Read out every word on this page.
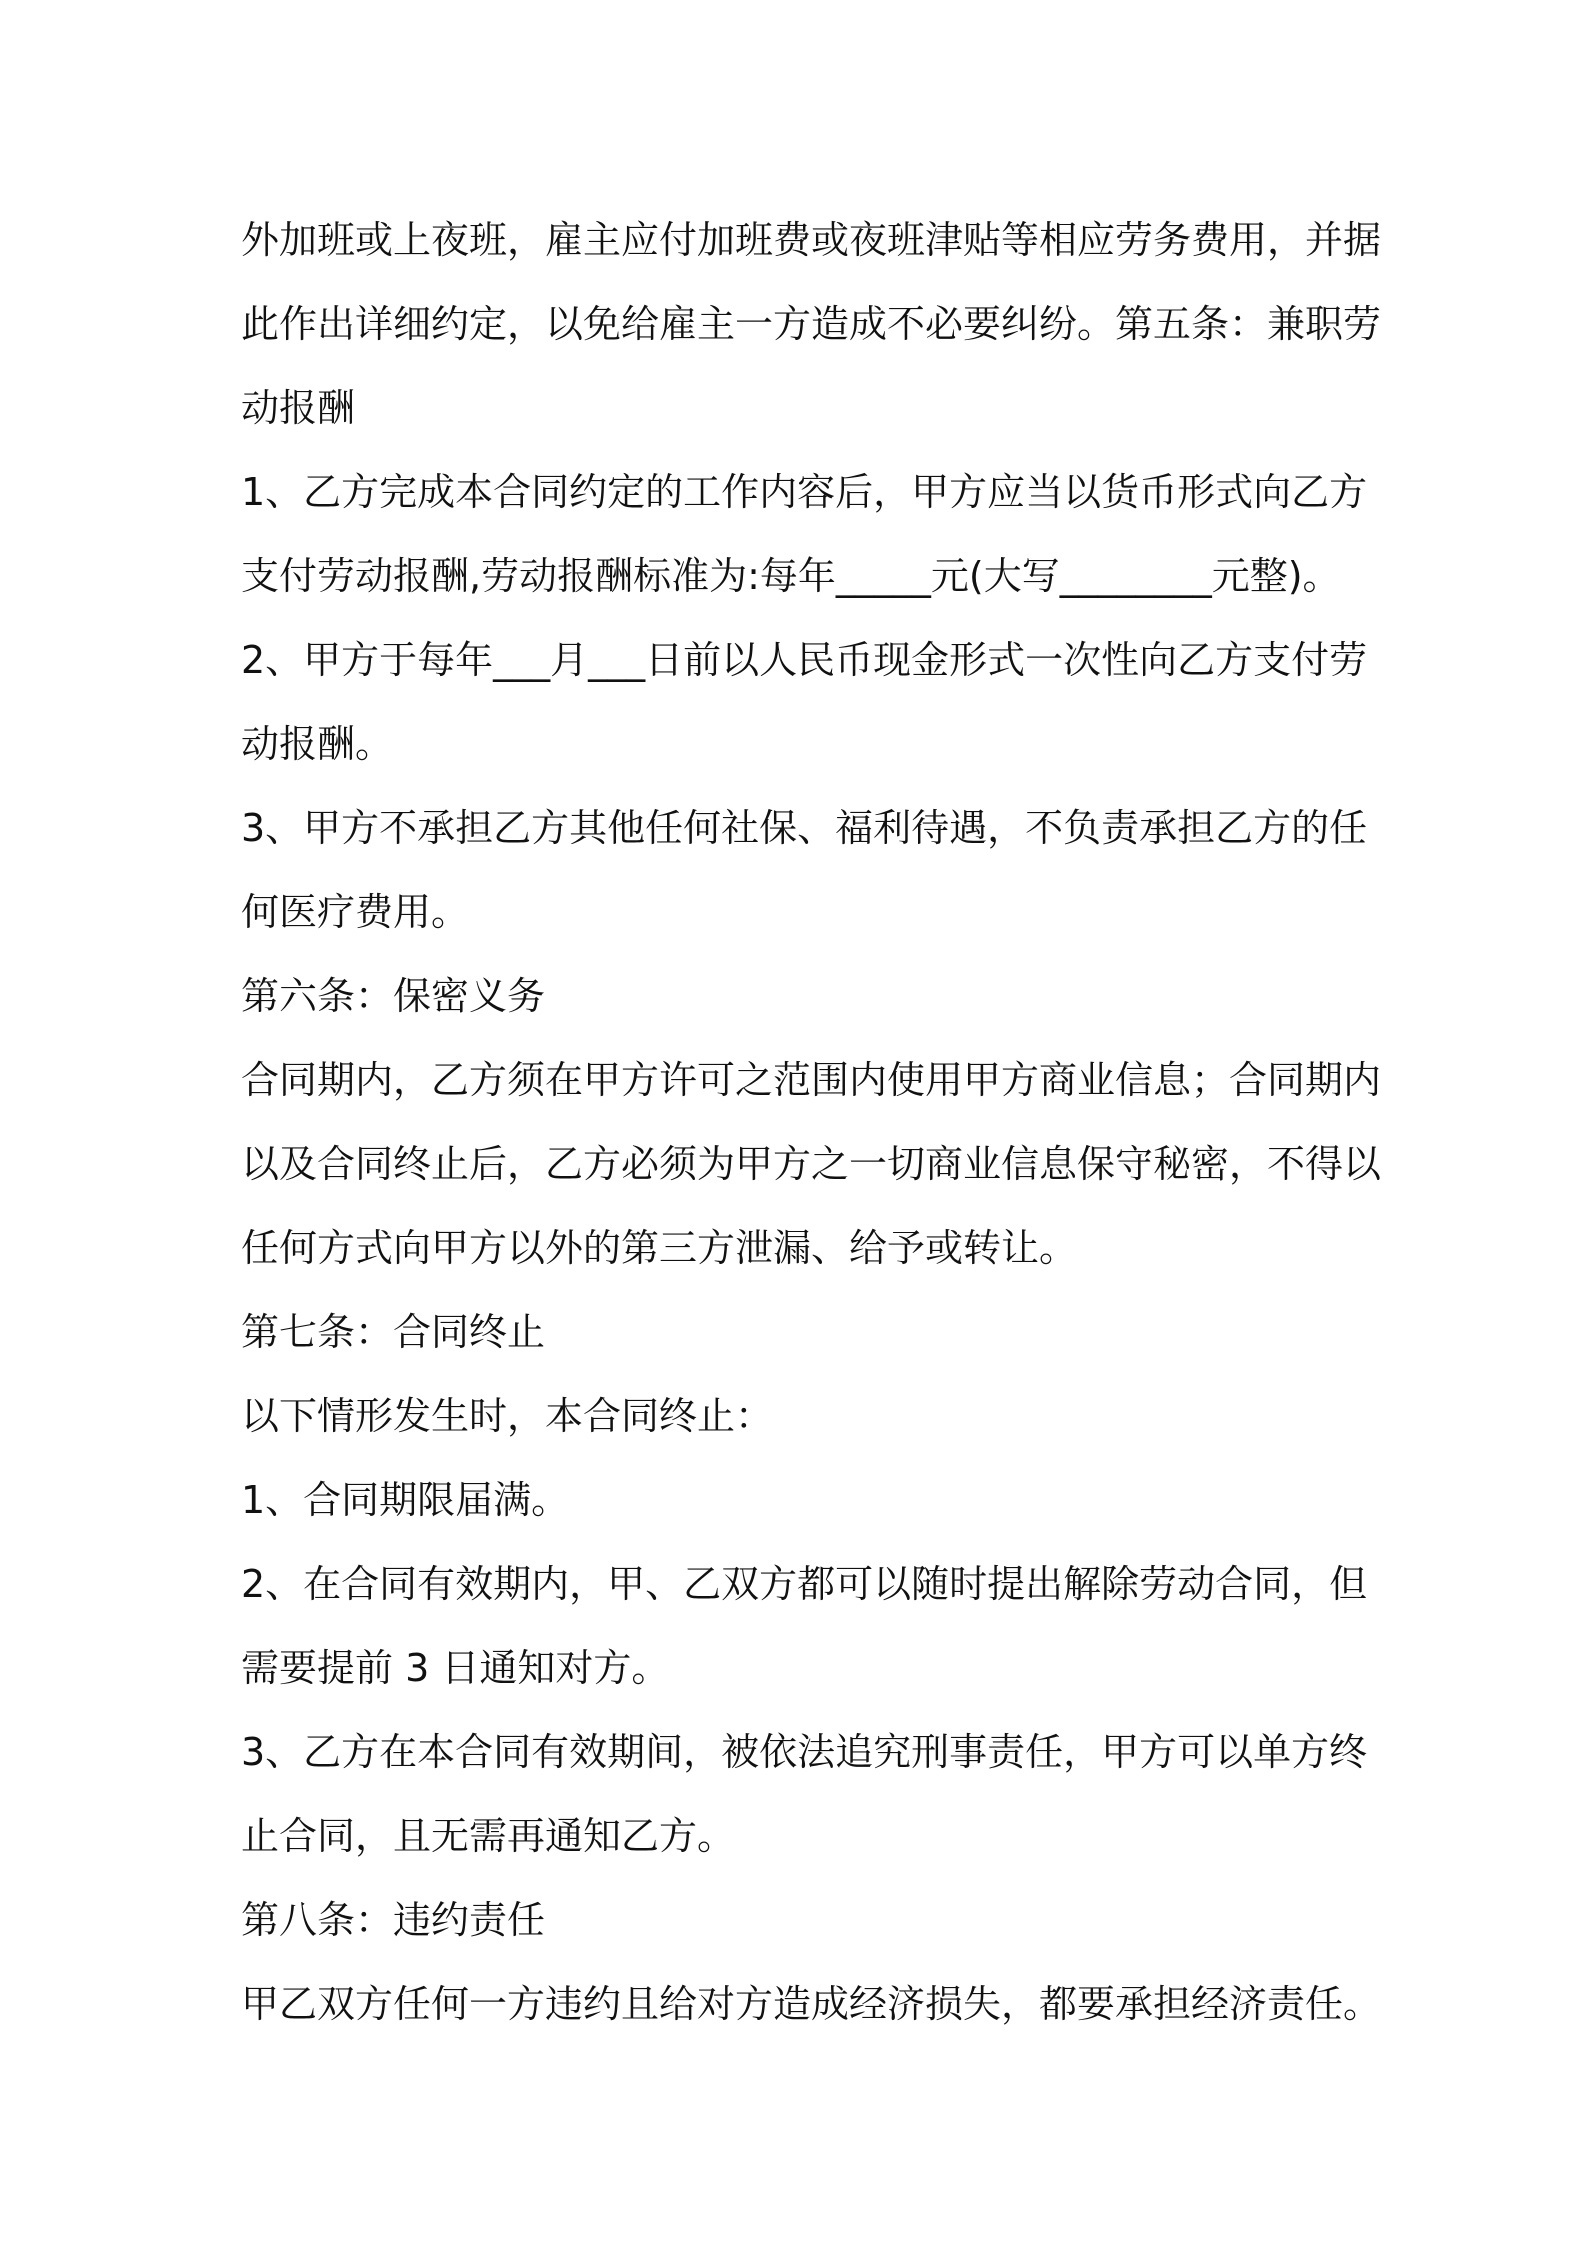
外加班或上夜班，雇主应付加班费或夜班津贴等相应劳务费用，并据
此作出详细约定，以免给雇主一方造成不必要纠纷。第五条：兼职劳
动报酬
1、乙方完成本合同约定的工作内容后，甲方应当以货币形式向乙方
支付劳动报酬,劳动报酬标准为:每年_____元(大写________元整)。
2、甲方于每年___月___日前以人民币现金形式一次性向乙方支付劳
动报酬。
3、甲方不承担乙方其他任何社保、福利待遇，不负责承担乙方的任
何医疗费用。
第六条：保密义务
合同期内，乙方须在甲方许可之范围内使用甲方商业信息；合同期内
以及合同终止后，乙方必须为甲方之一切商业信息保守秘密，不得以
任何方式向甲方以外的第三方泄漏、给予或转让。
第七条：合同终止
以下情形发生时，本合同终止：
1、合同期限届满。
2、在合同有效期内，甲、乙双方都可以随时提出解除劳动合同，但
需要提前 3 日通知对方。
3、乙方在本合同有效期间，被依法追究刑事责任，甲方可以单方终
止合同，且无需再通知乙方。
第八条：违约责任
甲乙双方任何一方违约且给对方造成经济损失，都要承担经济责任。
